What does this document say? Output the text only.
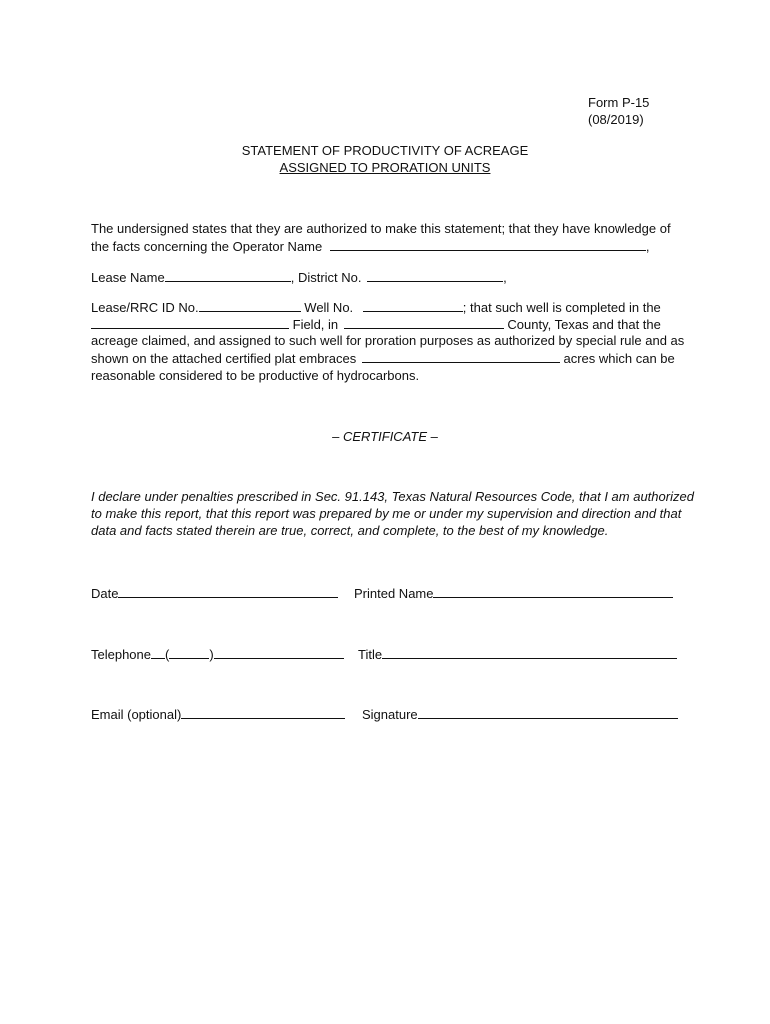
Form P-15
(08/2019)
STATEMENT OF PRODUCTIVITY OF ACREAGE
ASSIGNED TO PRORATION UNITS
The undersigned states that they are authorized to make this statement; that they have knowledge of
the facts concerning the Operator Name	,
Lease Name	, District No.	,
Lease/RRC ID No.	Well No.	; that such well is completed in the
Field, in	County, Texas and that the
acreage claimed, and assigned to such well for proration purposes as authorized by special rule and as
shown on the attached certified plat embraces	acres which can be
reasonable considered to be productive of hydrocarbons.
– CERTIFICATE –
I declare under penalties prescribed in Sec. 91.143, Texas Natural Resources Code, that I am authorized
to make this report, that this report was prepared by me or under my supervision and direction and that
data and facts stated therein are true, correct, and complete, to the best of my knowledge.
Date	Printed Name
Telephone (	)	Title
Email (optional)	Signature
